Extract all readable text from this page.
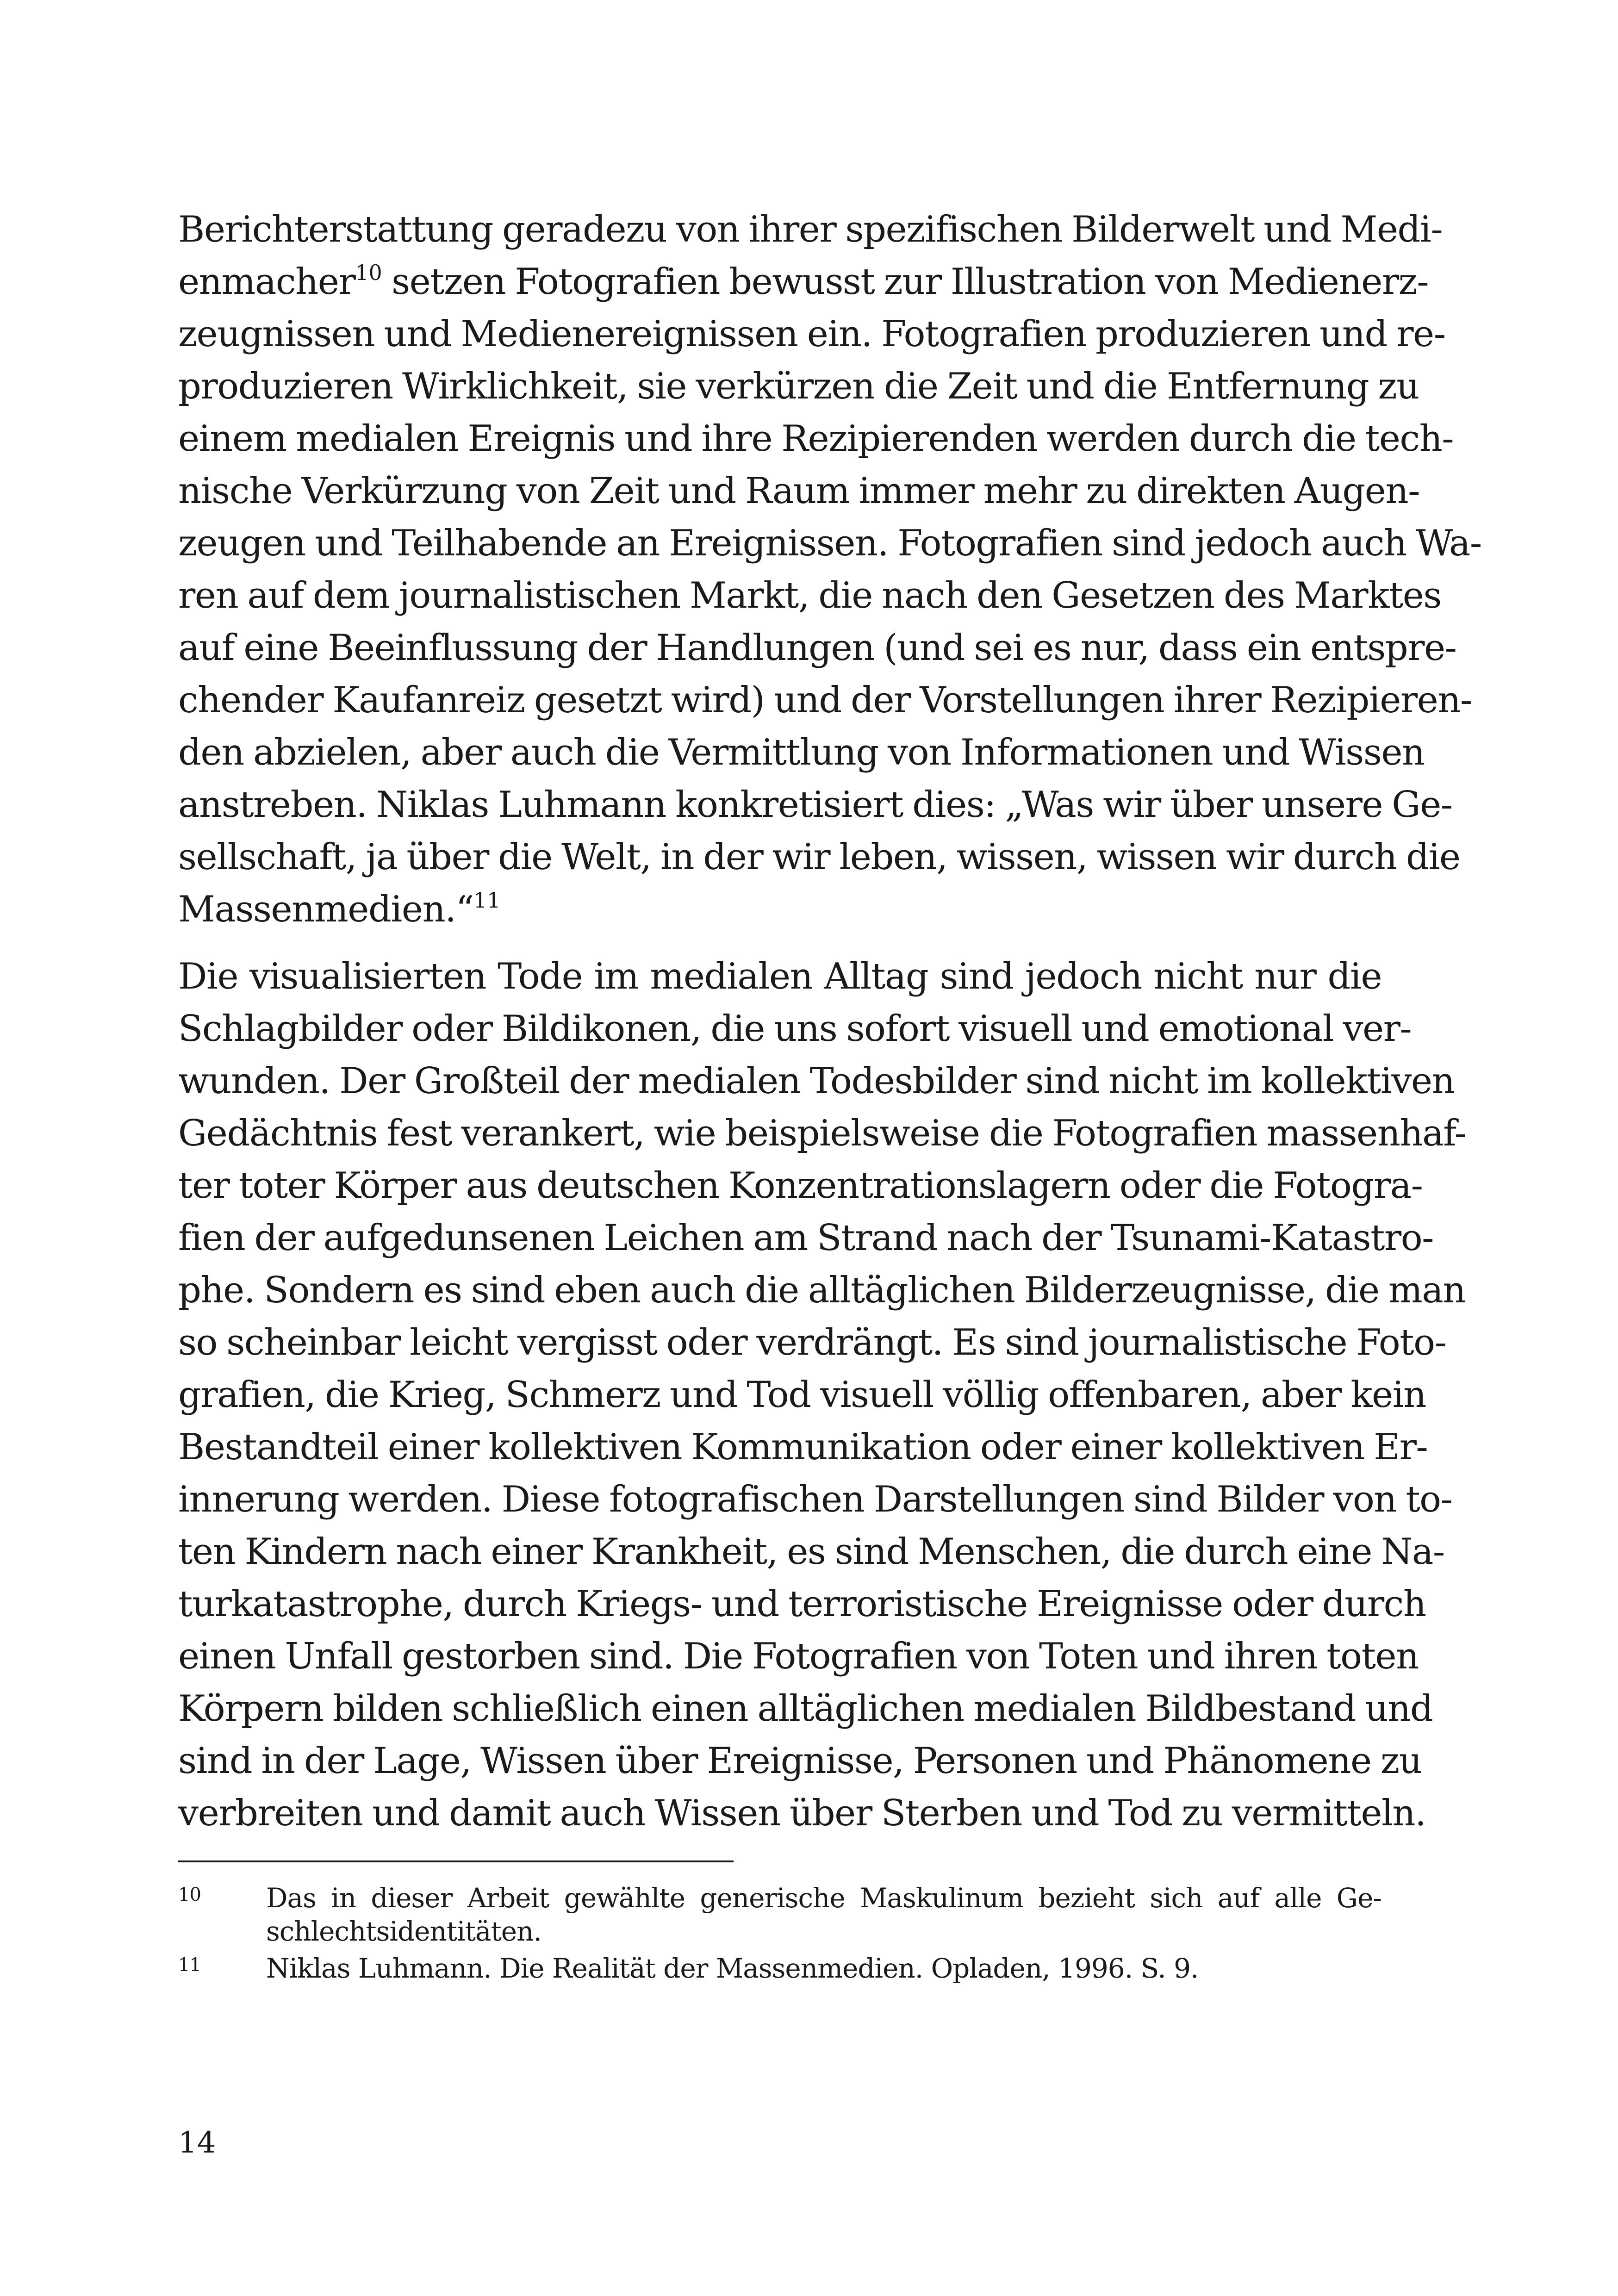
Berichterstattung geradezu von ihrer spezifischen Bilderwelt und Medi-
enmacher$^{10}$ setzen Fotografien bewusst zur Illustration von Medienerz-
zeugnissen und Medienereignissen ein. Fotografien produzieren und re-
produzieren Wirklichkeit, sie verkürzen die Zeit und die Entfernung zu
einem medialen Ereignis und ihre Rezipierenden werden durch die tech-
nische Verkürzung von Zeit und Raum immer mehr zu direkten Augen-
zeugen und Teilhabende an Ereignissen. Fotografien sind jedoch auch Wa-
ren auf dem journalistischen Markt, die nach den Gesetzen des Marktes
auf eine Beeinflussung der Handlungen (und sei es nur, dass ein entspre-
chender Kaufanreiz gesetzt wird) und der Vorstellungen ihrer Rezipieren-
den abzielen, aber auch die Vermittlung von Informationen und Wissen
anstreben. Niklas Luhmann konkretisiert dies: „Was wir über unsere Ge-
sellschaft, ja über die Welt, in der wir leben, wissen, wissen wir durch die
Massenmedien.“$^{11}$

Die visualisierten Tode im medialen Alltag sind jedoch nicht nur die
Schlagbilder oder Bildikonen, die uns sofort visuell und emotional ver-
wunden. Der Großteil der medialen Todesbilder sind nicht im kollektiven
Gedächtnis fest verankert, wie beispielsweise die Fotografien massenhaf-
ter toter Körper aus deutschen Konzentrationslagern oder die Fotogra-
fien der aufgedunsenen Leichen am Strand nach der Tsunami-Katastro-
phe. Sondern es sind eben auch die alltäglichen Bilderzeugnisse, die man
so scheinbar leicht vergisst oder verdrängt. Es sind journalistische Foto-
grafien, die Krieg, Schmerz und Tod visuell völlig offenbaren, aber kein
Bestandteil einer kollektiven Kommunikation oder einer kollektiven Er-
innerung werden. Diese fotografischen Darstellungen sind Bilder von to-
ten Kindern nach einer Krankheit, es sind Menschen, die durch eine Na-
turkatastrophe, durch Kriegs- und terroristische Ereignisse oder durch
einen Unfall gestorben sind. Die Fotografien von Toten und ihren toten
Körpern bilden schließlich einen alltäglichen medialen Bildbestand und
sind in der Lage, Wissen über Ereignisse, Personen und Phänomene zu
verbreiten und damit auch Wissen über Sterben und Tod zu vermitteln.

10 Das in dieser Arbeit gewählte generische Maskulinum bezieht sich auf alle Ge-
schlechtsidentitäten.
11 Niklas Luhmann. Die Realität der Massenmedien. Opladen, 1996. S. 9.
14
